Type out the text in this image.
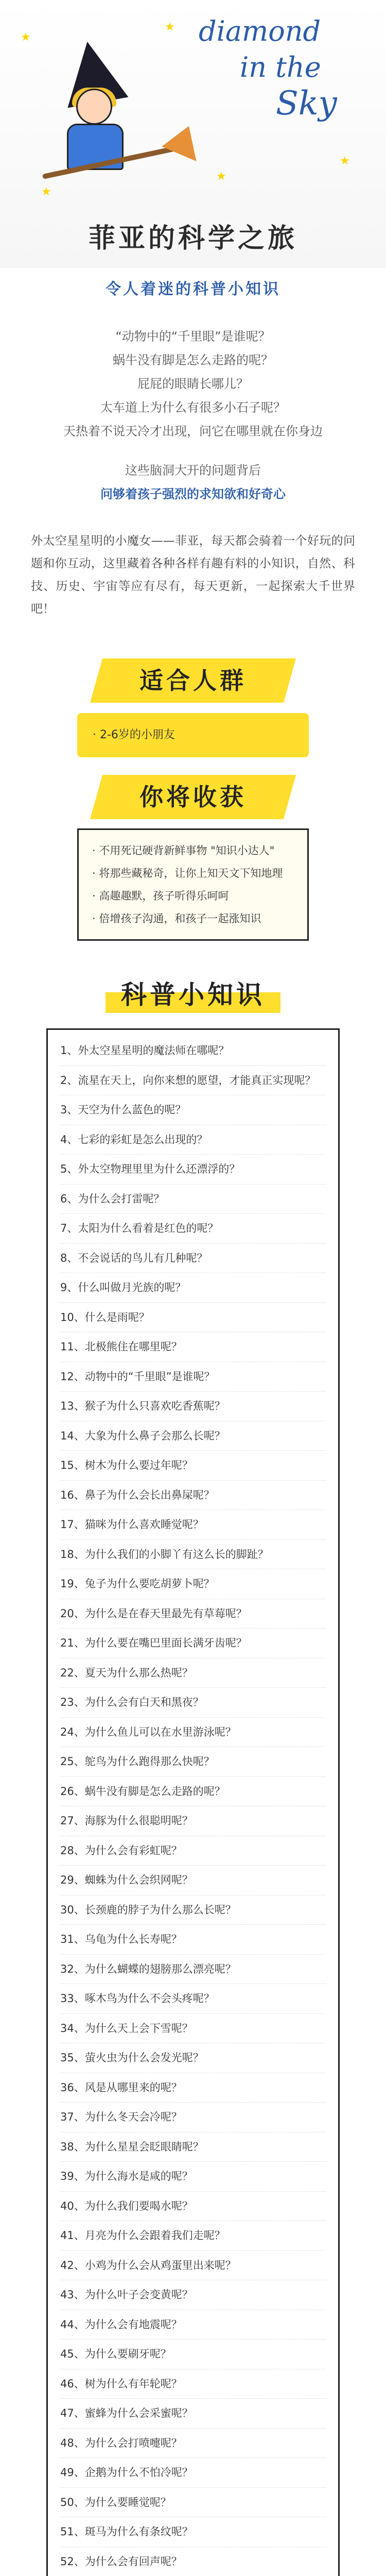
★
★
★
★
★
diamond
in the
Sky
菲亚的科学之旅
令人着迷的科普小知识

“动物中的“千里眼”是谁呢？

蜗牛没有脚是怎么走路的呢？

屁屁的眼睛长哪儿？

太车道上为什么有很多小石子呢？

天热着不说天冷才出现，问它在哪里就在你身边

这些脑洞大开的问题背后

问够着孩子强烈的求知欲和好奇心

外太空星星明的小魔女——菲亚，每天都会骑着一个好玩的问题和你互动，这里藏着各种各样有趣有料的小知识，自然、科技、历史、宇宙等应有尽有，每天更新，一起探索大千世界吧！
适合人群
· 2-6岁的小朋友
你将收获
· 不用死记硬背新鲜事物 "知识小达人"
· 将那些藏秘奇，让你上知天文下知地理
· 高趣趣默，孩子听得乐呵呵
· 倍增孩子沟通，和孩子一起涨知识
科普小知识
1、外太空星星明的魔法师在哪呢？
2、流星在天上，向你来想的愿望，才能真正实现呢？
3、天空为什么蓝色的呢？
4、七彩的彩虹是怎么出现的？
5、外太空物理里里为什么还漂浮的？
6、为什么会打雷呢？
7、太阳为什么看着是红色的呢？
8、不会说话的鸟儿有几种呢？
9、什么叫做月光族的呢？
10、什么是雨呢？
11、北极熊住在哪里呢？
12、动物中的“千里眼”是谁呢？
13、猴子为什么只喜欢吃香蕉呢？
14、大象为什么鼻子会那么长呢？
15、树木为什么要过年呢？
16、鼻子为什么会长出鼻屎呢？
17、猫咪为什么喜欢睡觉呢？
18、为什么我们的小脚丫有这么长的脚趾？
19、兔子为什么要吃胡萝卜呢？
20、为什么是在春天里最先有草莓呢？
21、为什么要在嘴巴里面长满牙齿呢？
22、夏天为什么那么热呢？
23、为什么会有白天和黑夜？
24、为什么鱼儿可以在水里游泳呢？
25、鸵鸟为什么跑得那么快呢？
26、蜗牛没有脚是怎么走路的呢？
27、海豚为什么很聪明呢？
28、为什么会有彩虹呢？
29、蜘蛛为什么会织网呢？
30、长颈鹿的脖子为什么那么长呢？
31、乌龟为什么长寿呢？
32、为什么蝴蝶的翅膀那么漂亮呢？
33、啄木鸟为什么不会头疼呢？
34、为什么天上会下雪呢？
35、萤火虫为什么会发光呢？
36、风是从哪里来的呢？
37、为什么冬天会冷呢？
38、为什么星星会眨眼睛呢？
39、为什么海水是咸的呢？
40、为什么我们要喝水呢？
41、月亮为什么会跟着我们走呢？
42、小鸡为什么会从鸡蛋里出来呢？
43、为什么叶子会变黄呢？
44、为什么会有地震呢？
45、为什么要刷牙呢？
46、树为什么有年轮呢？
47、蜜蜂为什么会采蜜呢？
48、为什么会打喷嚏呢？
49、企鹅为什么不怕冷呢？
50、为什么要睡觉呢？
51、斑马为什么有条纹呢？
52、为什么会有回声呢？
